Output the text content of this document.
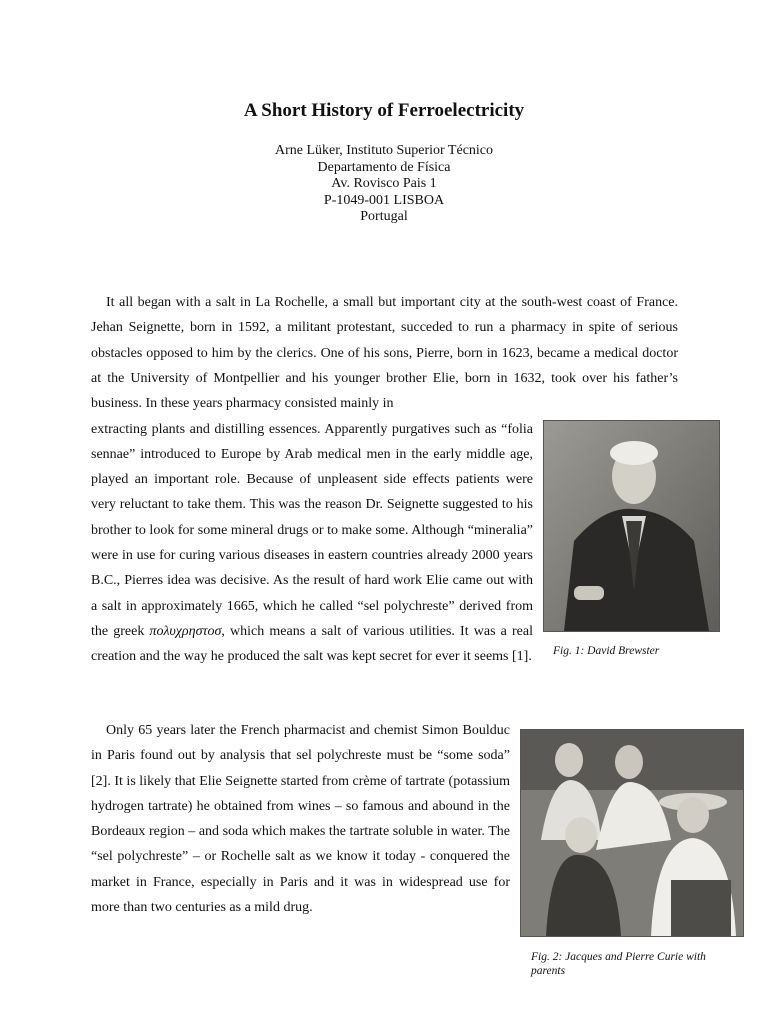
A Short History of Ferroelectricity
Arne Lüker, Instituto Superior Técnico
Departamento de Física
Av. Rovisco Pais 1
P-1049-001 LISBOA
Portugal

It all began with a salt in La Rochelle, a small but important city at the south-west coast of France. Jehan Seignette, born in 1592, a militant protestant, succeded to run a pharmacy in spite of serious obstacles opposed to him by the clerics. One of his sons, Pierre, born in 1623, became a medical doctor at the University of Montpellier and his younger brother Elie, born in 1632, took over his father’s business. In these years pharmacy consisted mainly in

extracting plants and distilling essences. Apparently purgatives such as “folia sennae” introduced to Europe by Arab medical men in the early middle age, played an important role. Because of unpleasent side effects patients were very reluctant to take them. This was the reason Dr. Seignette suggested to his brother to look for some mineral drugs or to make some. Although “mineralia” were in use for curing various diseases in eastern countries already 2000 years B.C., Pierres idea was decisive. As the result of hard work Elie came out with a salt in approximately 1665, which he called “sel polychreste” derived from the greek πολυχρηστοσ, which means a salt of various utilities. It was a real creation and the way he produced the salt was kept secret for ever it seems [1].

Only 65 years later the French pharmacist and chemist Simon Boulduc in Paris found out by analysis that sel polychreste must be “some soda” [2]. It is likely that Elie Seignette started from crème of tartrate (potassium hydrogen tartrate) he obtained from wines – so famous and abound in the Bordeaux region – and soda which makes the tartrate soluble in water. The “sel polychreste” – or Rochelle salt as we know it today - conquered the market in France, especially in Paris and it was in widespread use for more than two centuries as a mild drug.

Fig. 1: David Brewster
Fig. 2: Jacques and Pierre Curie with parents
